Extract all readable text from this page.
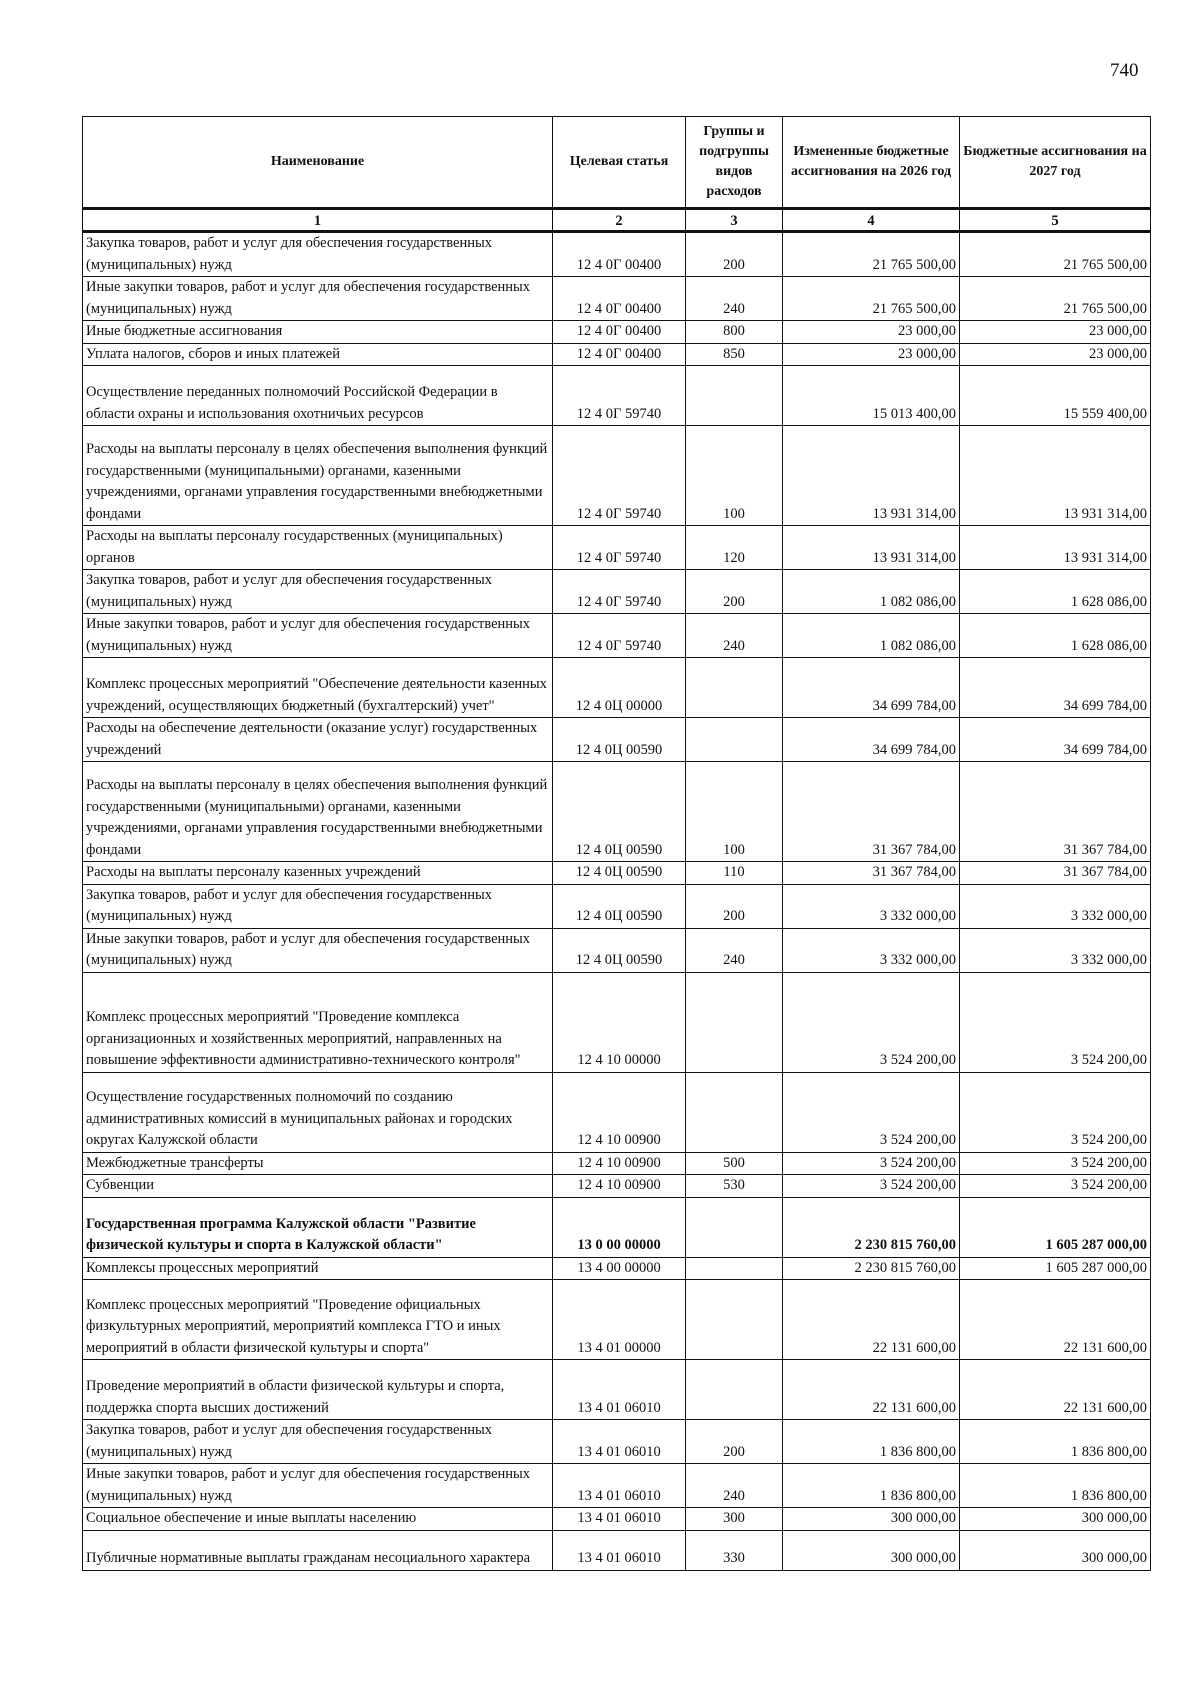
740
Наименование	Целевая статья	Группы и подгруппы видов расходов	Измененные бюджетные ассигнования на 2026 год	Бюджетные ассигнования на 2027 год
1	2	3	4	5
Закупка товаров, работ и услуг для обеспечения государственных (муниципальных) нужд	12 4 0Г 00400	200	21 765 500,00	21 765 500,00
Иные закупки товаров, работ и услуг для обеспечения государственных (муниципальных) нужд	12 4 0Г 00400	240	21 765 500,00	21 765 500,00
Иные бюджетные ассигнования	12 4 0Г 00400	800	23 000,00	23 000,00
Уплата налогов, сборов и иных платежей	12 4 0Г 00400	850	23 000,00	23 000,00
Осуществление переданных полномочий Российской Федерации в области охраны и использования охотничьих ресурсов	12 4 0Г 59740		15 013 400,00	15 559 400,00
Расходы на выплаты персоналу в целях обеспечения выполнения функций государственными (муниципальными) органами, казенными учреждениями, органами управления государственными внебюджетными фондами	12 4 0Г 59740	100	13 931 314,00	13 931 314,00
Расходы на выплаты персоналу государственных (муниципальных) органов	12 4 0Г 59740	120	13 931 314,00	13 931 314,00
Закупка товаров, работ и услуг для обеспечения государственных (муниципальных) нужд	12 4 0Г 59740	200	1 082 086,00	1 628 086,00
Иные закупки товаров, работ и услуг для обеспечения государственных (муниципальных) нужд	12 4 0Г 59740	240	1 082 086,00	1 628 086,00
Комплекс процессных мероприятий "Обеспечение деятельности казенных учреждений, осуществляющих бюджетный (бухгалтерский) учет"	12 4 0Ц 00000		34 699 784,00	34 699 784,00
Расходы на обеспечение деятельности (оказание услуг) государственных учреждений	12 4 0Ц 00590		34 699 784,00	34 699 784,00
Расходы на выплаты персоналу в целях обеспечения выполнения функций государственными (муниципальными) органами, казенными учреждениями, органами управления государственными внебюджетными фондами	12 4 0Ц 00590	100	31 367 784,00	31 367 784,00
Расходы на выплаты персоналу казенных учреждений	12 4 0Ц 00590	110	31 367 784,00	31 367 784,00
Закупка товаров, работ и услуг для обеспечения государственных (муниципальных) нужд	12 4 0Ц 00590	200	3 332 000,00	3 332 000,00
Иные закупки товаров, работ и услуг для обеспечения государственных (муниципальных) нужд	12 4 0Ц 00590	240	3 332 000,00	3 332 000,00
Комплекс процессных мероприятий "Проведение комплекса организационных и хозяйственных мероприятий, направленных на повышение эффективности административно-технического контроля"	12 4 10 00000		3 524 200,00	3 524 200,00
Осуществление государственных полномочий по созданию административных комиссий в муниципальных районах и городских округах Калужской области	12 4 10 00900		3 524 200,00	3 524 200,00
Межбюджетные трансферты	12 4 10 00900	500	3 524 200,00	3 524 200,00
Субвенции	12 4 10 00900	530	3 524 200,00	3 524 200,00
Государственная программа Калужской области "Развитие физической культуры и спорта в Калужской области"	13 0 00 00000		2 230 815 760,00	1 605 287 000,00
Комплексы процессных мероприятий	13 4 00 00000		2 230 815 760,00	1 605 287 000,00
Комплекс процессных мероприятий "Проведение официальных физкультурных мероприятий, мероприятий комплекса ГТО и иных мероприятий в области физической культуры и спорта"	13 4 01 00000		22 131 600,00	22 131 600,00
Проведение мероприятий в области физической культуры и спорта, поддержка спорта высших достижений	13 4 01 06010		22 131 600,00	22 131 600,00
Закупка товаров, работ и услуг для обеспечения государственных (муниципальных) нужд	13 4 01 06010	200	1 836 800,00	1 836 800,00
Иные закупки товаров, работ и услуг для обеспечения государственных (муниципальных) нужд	13 4 01 06010	240	1 836 800,00	1 836 800,00
Социальное обеспечение и иные выплаты населению	13 4 01 06010	300	300 000,00	300 000,00
Публичные нормативные выплаты гражданам несоциального характера	13 4 01 06010	330	300 000,00	300 000,00
